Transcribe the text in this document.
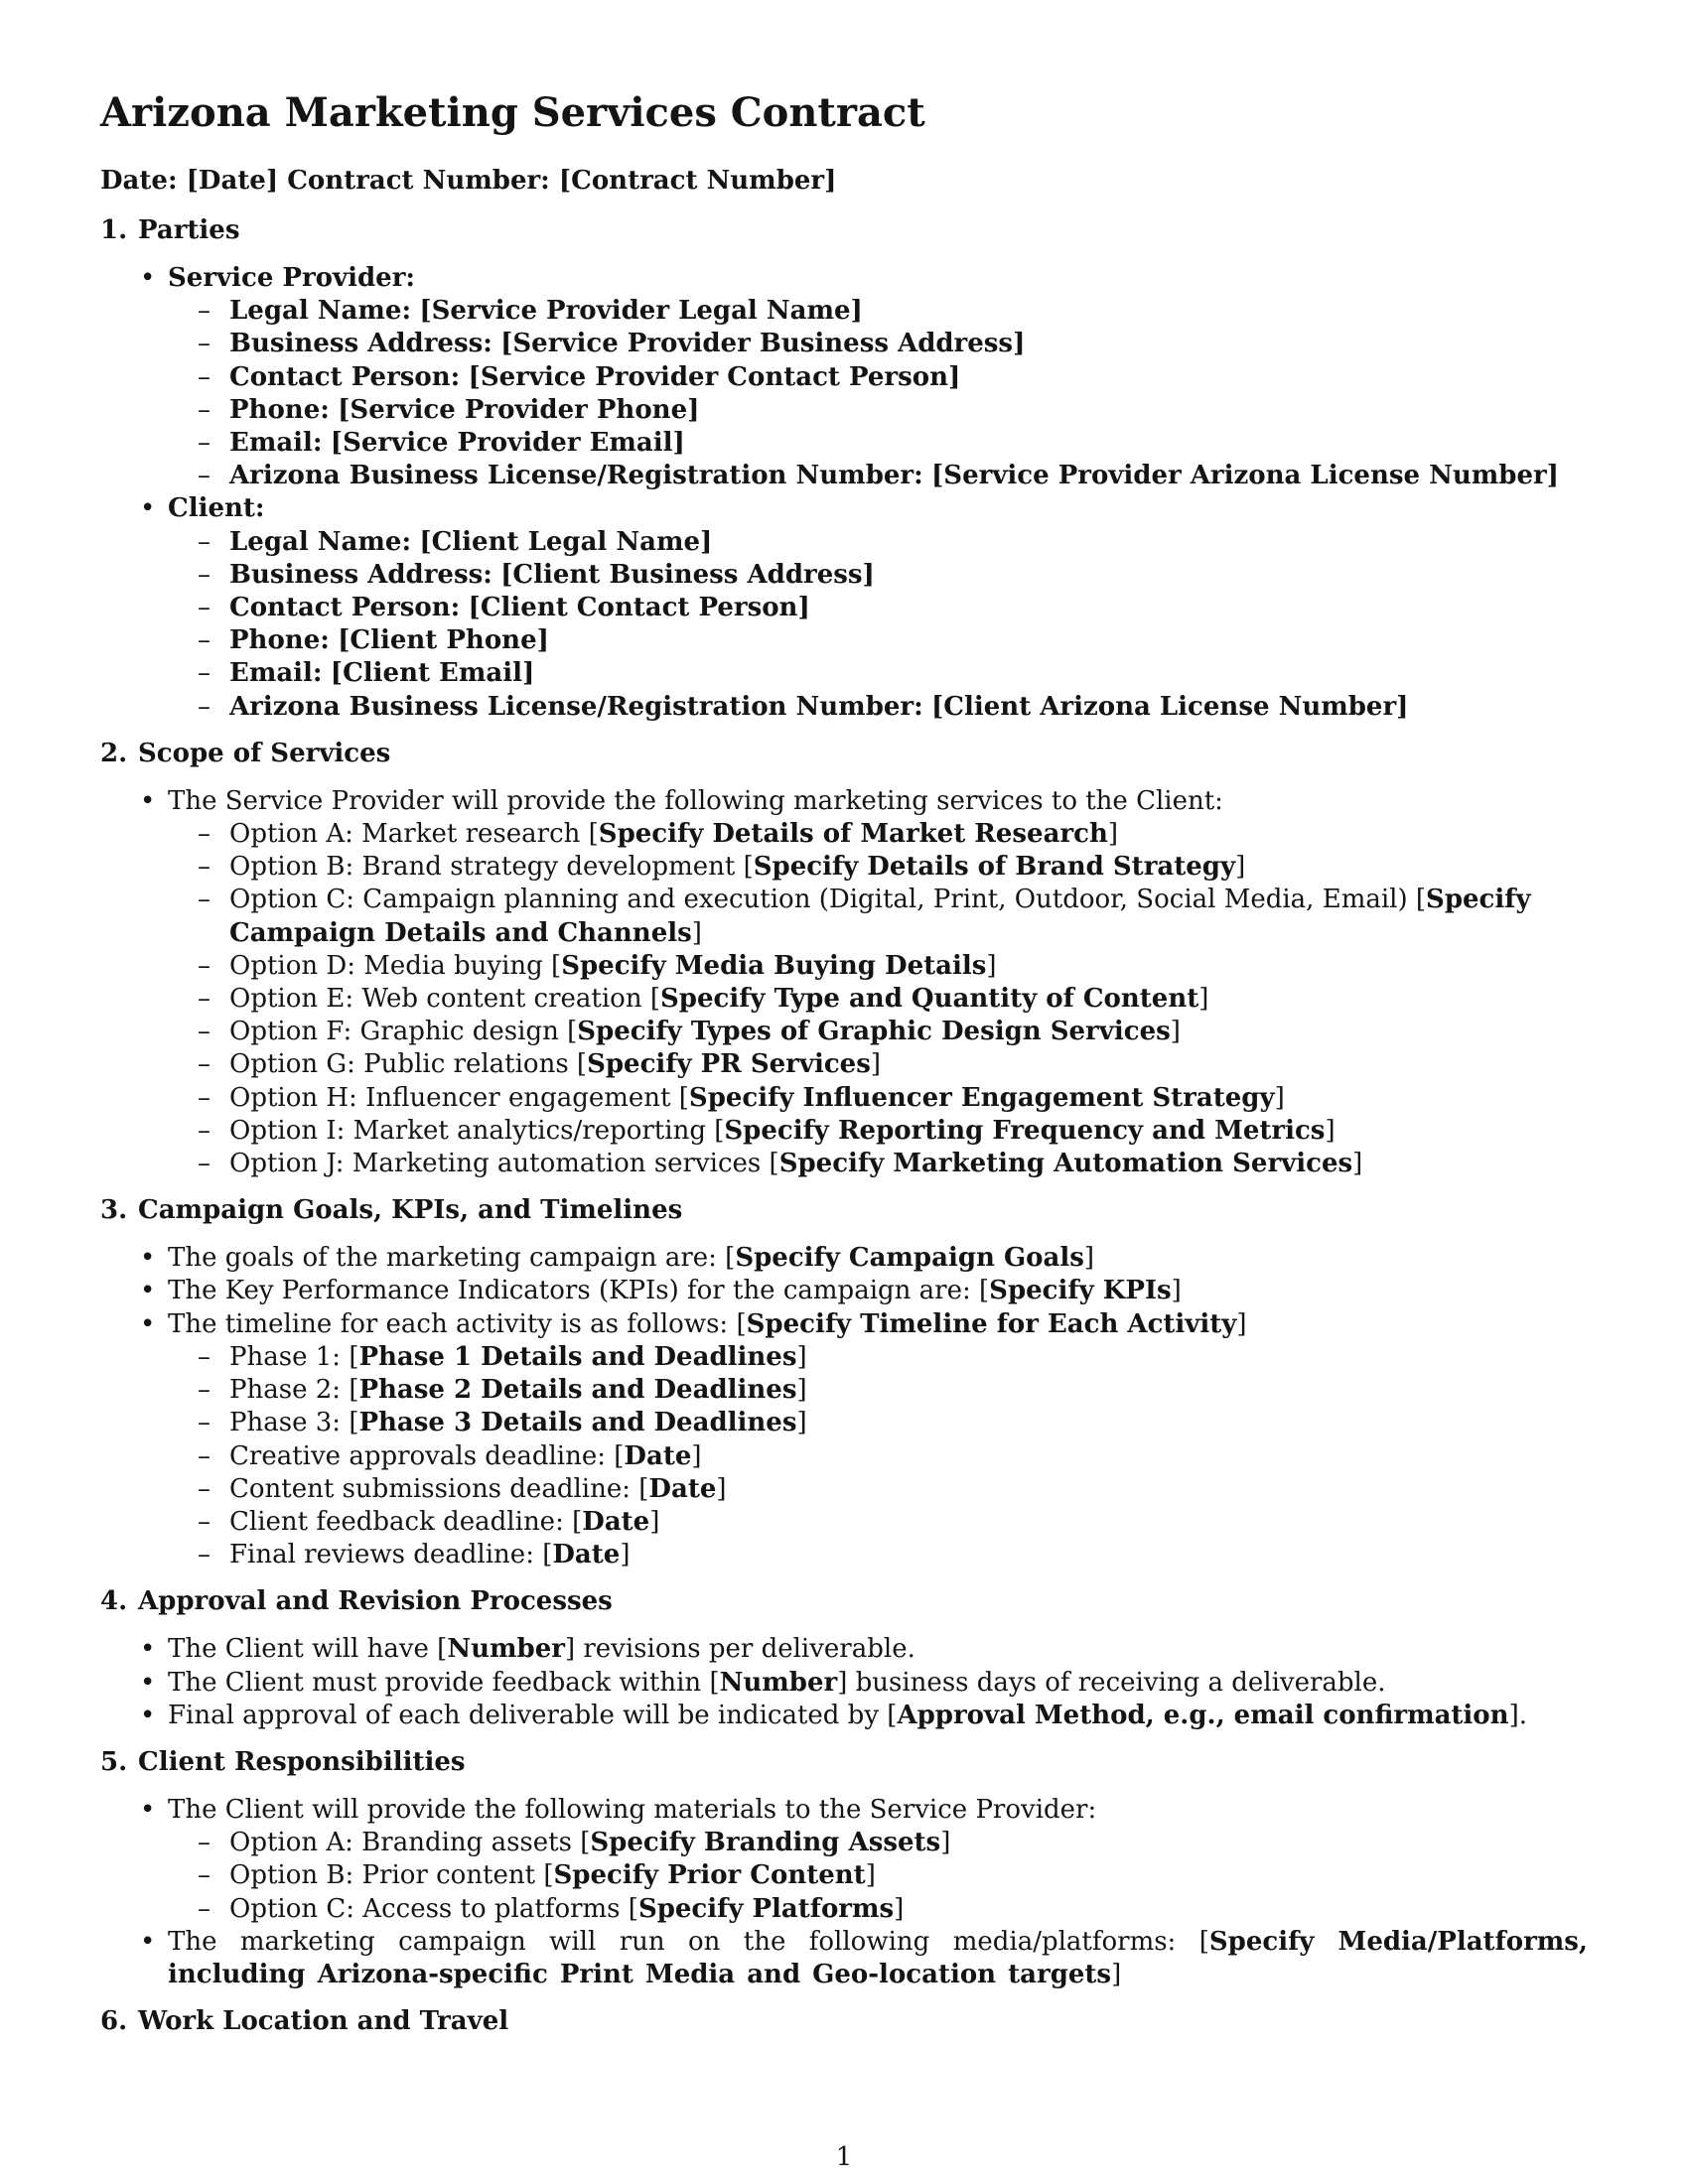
Arizona Marketing Services Contract

Date: [Date] Contract Number: [Contract Number]

1. Parties
• Service Provider:
– Legal Name: [Service Provider Legal Name]
– Business Address: [Service Provider Business Address]
– Contact Person: [Service Provider Contact Person]
– Phone: [Service Provider Phone]
– Email: [Service Provider Email]
– Arizona Business License/Registration Number: [Service Provider Arizona License Number]
• Client:
– Legal Name: [Client Legal Name]
– Business Address: [Client Business Address]
– Contact Person: [Client Contact Person]
– Phone: [Client Phone]
– Email: [Client Email]
– Arizona Business License/Registration Number: [Client Arizona License Number]
2. Scope of Services
• The Service Provider will provide the following marketing services to the Client:
– Option A: Market research [Specify Details of Market Research]
– Option B: Brand strategy development [Specify Details of Brand Strategy]
– Option C: Campaign planning and execution (Digital, Print, Outdoor, Social Media, Email) [Specify Campaign Details and Channels]
– Option D: Media buying [Specify Media Buying Details]
– Option E: Web content creation [Specify Type and Quantity of Content]
– Option F: Graphic design [Specify Types of Graphic Design Services]
– Option G: Public relations [Specify PR Services]
– Option H: Influencer engagement [Specify Influencer Engagement Strategy]
– Option I: Market analytics/reporting [Specify Reporting Frequency and Metrics]
– Option J: Marketing automation services [Specify Marketing Automation Services]
3. Campaign Goals, KPIs, and Timelines
• The goals of the marketing campaign are: [Specify Campaign Goals]
• The Key Performance Indicators (KPIs) for the campaign are: [Specify KPIs]
• The timeline for each activity is as follows: [Specify Timeline for Each Activity]
– Phase 1: [Phase 1 Details and Deadlines]
– Phase 2: [Phase 2 Details and Deadlines]
– Phase 3: [Phase 3 Details and Deadlines]
– Creative approvals deadline: [Date]
– Content submissions deadline: [Date]
– Client feedback deadline: [Date]
– Final reviews deadline: [Date]
4. Approval and Revision Processes
• The Client will have [Number] revisions per deliverable.
• The Client must provide feedback within [Number] business days of receiving a deliverable.
• Final approval of each deliverable will be indicated by [Approval Method, e.g., email confirmation].
5. Client Responsibilities
• The Client will provide the following materials to the Service Provider:
– Option A: Branding assets [Specify Branding Assets]
– Option B: Prior content [Specify Prior Content]
– Option C: Access to platforms [Specify Platforms]
• The marketing campaign will run on the following media/platforms: [Specify Media/Platforms, including Arizona-specific Print Media and Geo-location targets]
6. Work Location and Travel
1
